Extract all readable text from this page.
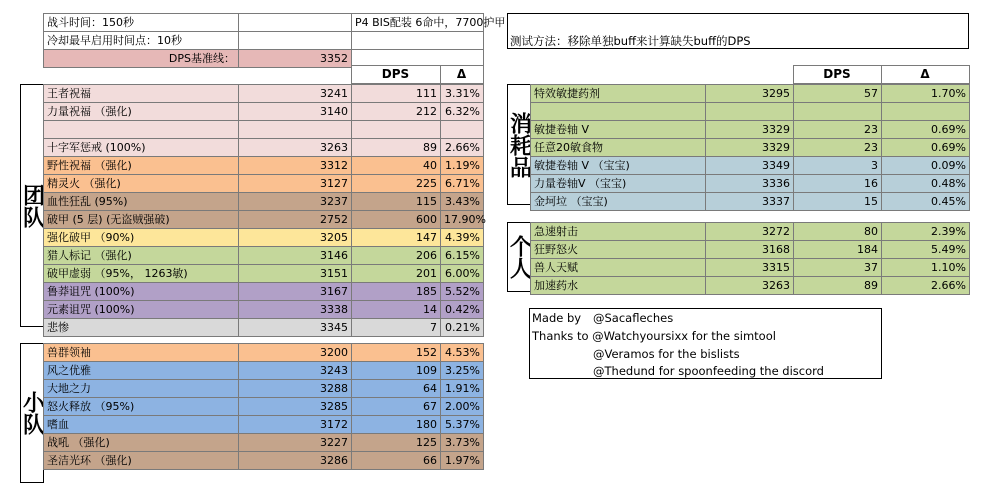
战斗时间：150秒		P4 BIS配装 6命中，7700护甲
冷却最早启用时间点：10秒		
DPS基准线：	3352	
测试方法：移除单独buff来计算缺失buff的DPS
		DPS	Δ
团队
王者祝福	3241	111	3.31%
力量祝福 （强化)	3140	212	6.32%

十字军惩戒 (100%)	3263	89	2.66%
野性祝福 （强化)	3312	40	1.19%
精灵火 （强化)	3127	225	6.71%
血性狂乱 (95%)	3237	115	3.43%
破甲 (5 层) (无盗贼强破)	2752	600	17.90%
强化破甲 （90%)	3205	147	4.39%
猎人标记 （强化)	3146	206	6.15%
破甲虚弱 （95%， 1263敏)	3151	201	6.00%
鲁莽诅咒 (100%)	3167	185	5.52%
元素诅咒 (100%)	3338	14	0.42%
悲惨	3345	7	0.21%
小队
兽群领袖	3200	152	4.53%
风之优雅	3243	109	3.25%
大地之力	3288	64	1.91%
怒火释放 （95%)	3285	67	2.00%
嗜血	3172	180	5.37%
战吼 （强化)	3227	125	3.73%
圣洁光环 （强化)	3286	66	1.97%
		DPS	Δ
消耗品
特效敏捷药剂	3295	57	1.70%

敏捷卷轴 V	3329	23	0.69%
任意20敏食物	3329	23	0.69%
敏捷卷轴 V （宝宝)	3349	3	0.09%
力量卷轴V （宝宝)	3336	16	0.48%
金坷垃 （宝宝)	3337	15	0.45%
个人
急速射击	3272	80	2.39%
狂野怒火	3168	184	5.49%
兽人天赋	3315	37	1.10%
加速药水	3263	89	2.66%
Made by @Sacafleches
Thanks to @Watchyoursixx for the simtool
@Veramos for the bislists
@Thedund for spoonfeeding the discord
